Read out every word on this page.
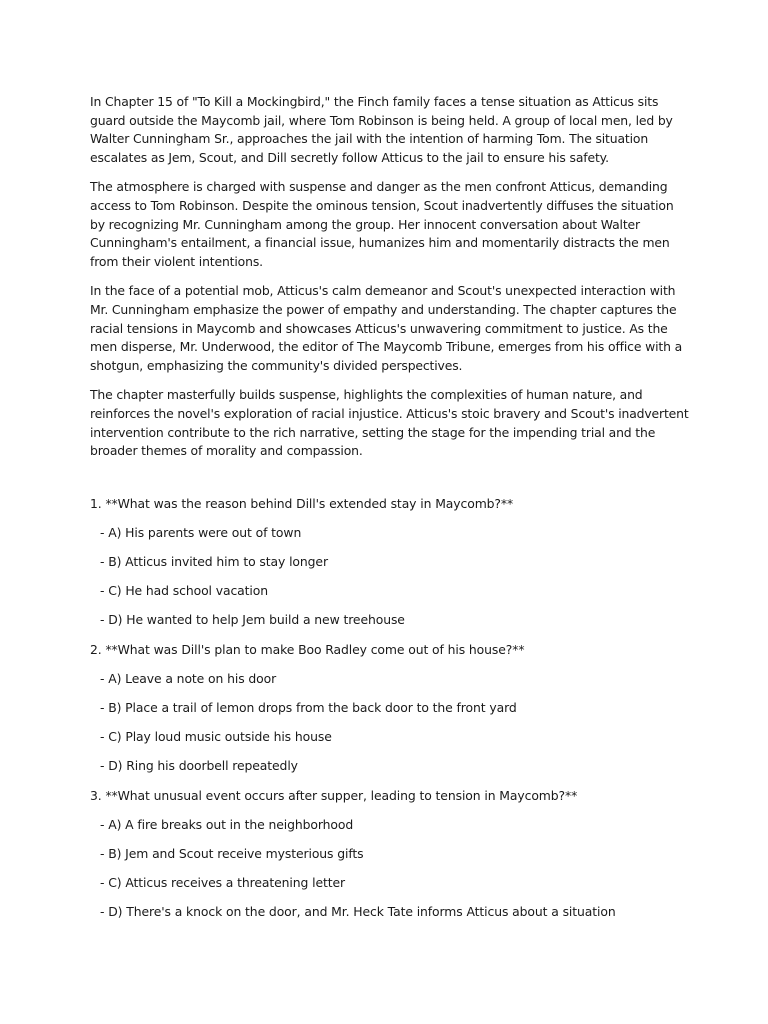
In Chapter 15 of "To Kill a Mockingbird," the Finch family faces a tense situation as Atticus sits guard outside the Maycomb jail, where Tom Robinson is being held. A group of local men, led by Walter Cunningham Sr., approaches the jail with the intention of harming Tom. The situation escalates as Jem, Scout, and Dill secretly follow Atticus to the jail to ensure his safety.

The atmosphere is charged with suspense and danger as the men confront Atticus, demanding access to Tom Robinson. Despite the ominous tension, Scout inadvertently diffuses the situation by recognizing Mr. Cunningham among the group. Her innocent conversation about Walter Cunningham's entailment, a financial issue, humanizes him and momentarily distracts the men from their violent intentions.

In the face of a potential mob, Atticus's calm demeanor and Scout's unexpected interaction with Mr. Cunningham emphasize the power of empathy and understanding. The chapter captures the racial tensions in Maycomb and showcases Atticus's unwavering commitment to justice. As the men disperse, Mr. Underwood, the editor of The Maycomb Tribune, emerges from his office with a shotgun, emphasizing the community's divided perspectives.

The chapter masterfully builds suspense, highlights the complexities of human nature, and reinforces the novel's exploration of racial injustice. Atticus's stoic bravery and Scout's inadvertent intervention contribute to the rich narrative, setting the stage for the impending trial and the broader themes of morality and compassion.

1. **What was the reason behind Dill's extended stay in Maycomb?**
- A) His parents were out of town
- B) Atticus invited him to stay longer
- C) He had school vacation
- D) He wanted to help Jem build a new treehouse
2. **What was Dill's plan to make Boo Radley come out of his house?**
- A) Leave a note on his door
- B) Place a trail of lemon drops from the back door to the front yard
- C) Play loud music outside his house
- D) Ring his doorbell repeatedly
3. **What unusual event occurs after supper, leading to tension in Maycomb?**
- A) A fire breaks out in the neighborhood
- B) Jem and Scout receive mysterious gifts
- C) Atticus receives a threatening letter
- D) There's a knock on the door, and Mr. Heck Tate informs Atticus about a situation
